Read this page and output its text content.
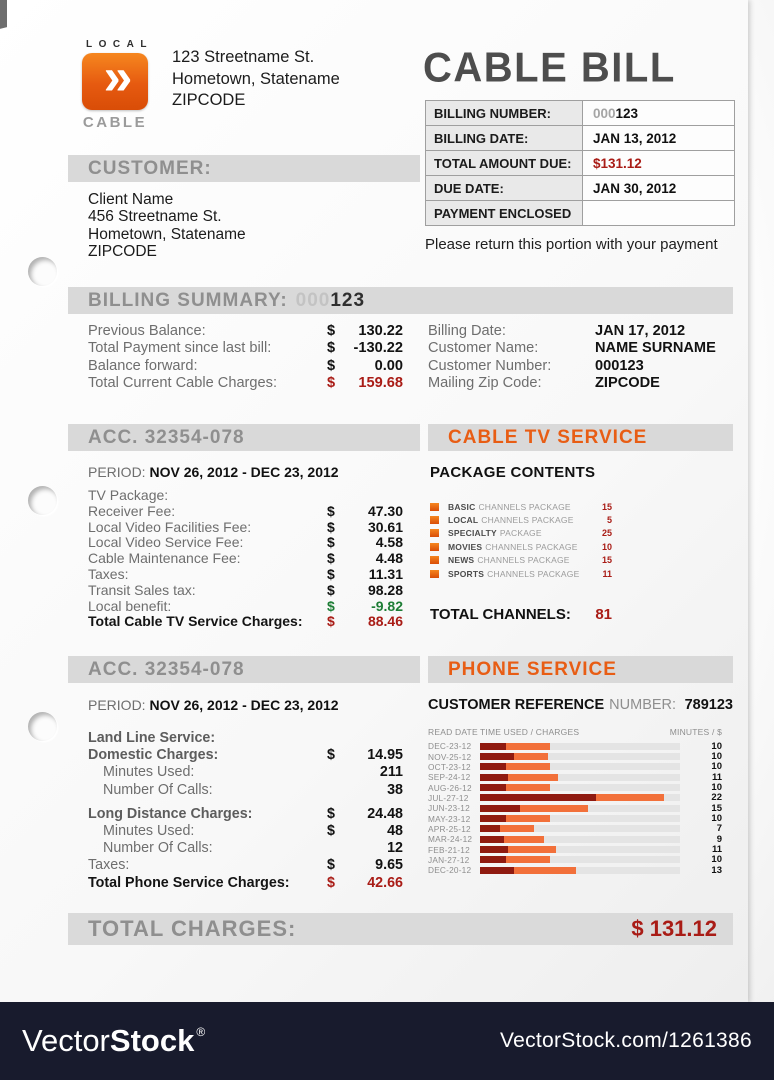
LOCAL
»
CABLE
123 Streetname St.
Hometown, Statename
ZIPCODE
CABLE BILL
BILLING NUMBER:	000 123
BILLING DATE:	JAN 13, 2012
TOTAL AMOUNT DUE:	$131.12
DUE DATE:	JAN 30, 2012
PAYMENT ENCLOSED
Please return this portion with your payment
CUSTOMER:
Client Name
456 Streetname St.
Hometown, Statename
ZIPCODE
BILLING SUMMARY: 000 123
Previous Balance:	$	130.22
Total Payment since last bill:	$	-130.22
Balance forward:	$	0.00
Total Current Cable Charges:	$	159.68
Billing Date:	JAN 17, 2012
Customer Name:	NAME SURNAME
Customer Number:	000123
Mailing Zip Code:	ZIPCODE
ACC. 32354-078	CABLE TV SERVICE
PERIOD: NOV 26, 2012 - DEC 23, 2012
TV Package:
Receiver Fee:	$	47.30
Local Video Facilities Fee:	$	30.61
Local Video Service Fee:	$	4.58
Cable Maintenance Fee:	$	4.48
Taxes:	$	11.31
Transit Sales tax:	$	98.28
Local benefit:	$	-9.82
Total Cable TV Service Charges:	$	88.46
PACKAGE CONTENTS
BASIC CHANNELS PACKAGE	15
LOCAL CHANNELS PACKAGE	5
SPECIALTY PACKAGE	25
MOVIES CHANNELS PACKAGE	10
NEWS CHANNELS PACKAGE	15
SPORTS CHANNELS PACKAGE	11
TOTAL CHANNELS: 81
ACC. 32354-078	PHONE SERVICE
PERIOD: NOV 26, 2012 - DEC 23, 2012	CUSTOMER REFERENCE NUMBER: 789123
Land Line Service:
Domestic Charges:	$	14.95
Minutes Used:	211
Number Of Calls:	38
Long Distance Charges:	$	24.48
Minutes Used:	$	48
Number Of Calls:	12
Taxes:	$	9.65
Total Phone Service Charges:	$	42.66
READ DATE TIME USED / CHARGES	MINUTES / $
DEC-23-12	10
NOV-25-12	10
OCT-23-12	10
SEP-24-12	11
AUG-26-12	10
JUL-27-12	22
JUN-23-12	15
MAY-23-12	10
APR-25-12	7
MAR-24-12	9
FEB-21-12	11
JAN-27-12	10
DEC-20-12	13
TOTAL CHARGES:	$ 131.12
Vector Stock ®	VectorStock.com/1261386
